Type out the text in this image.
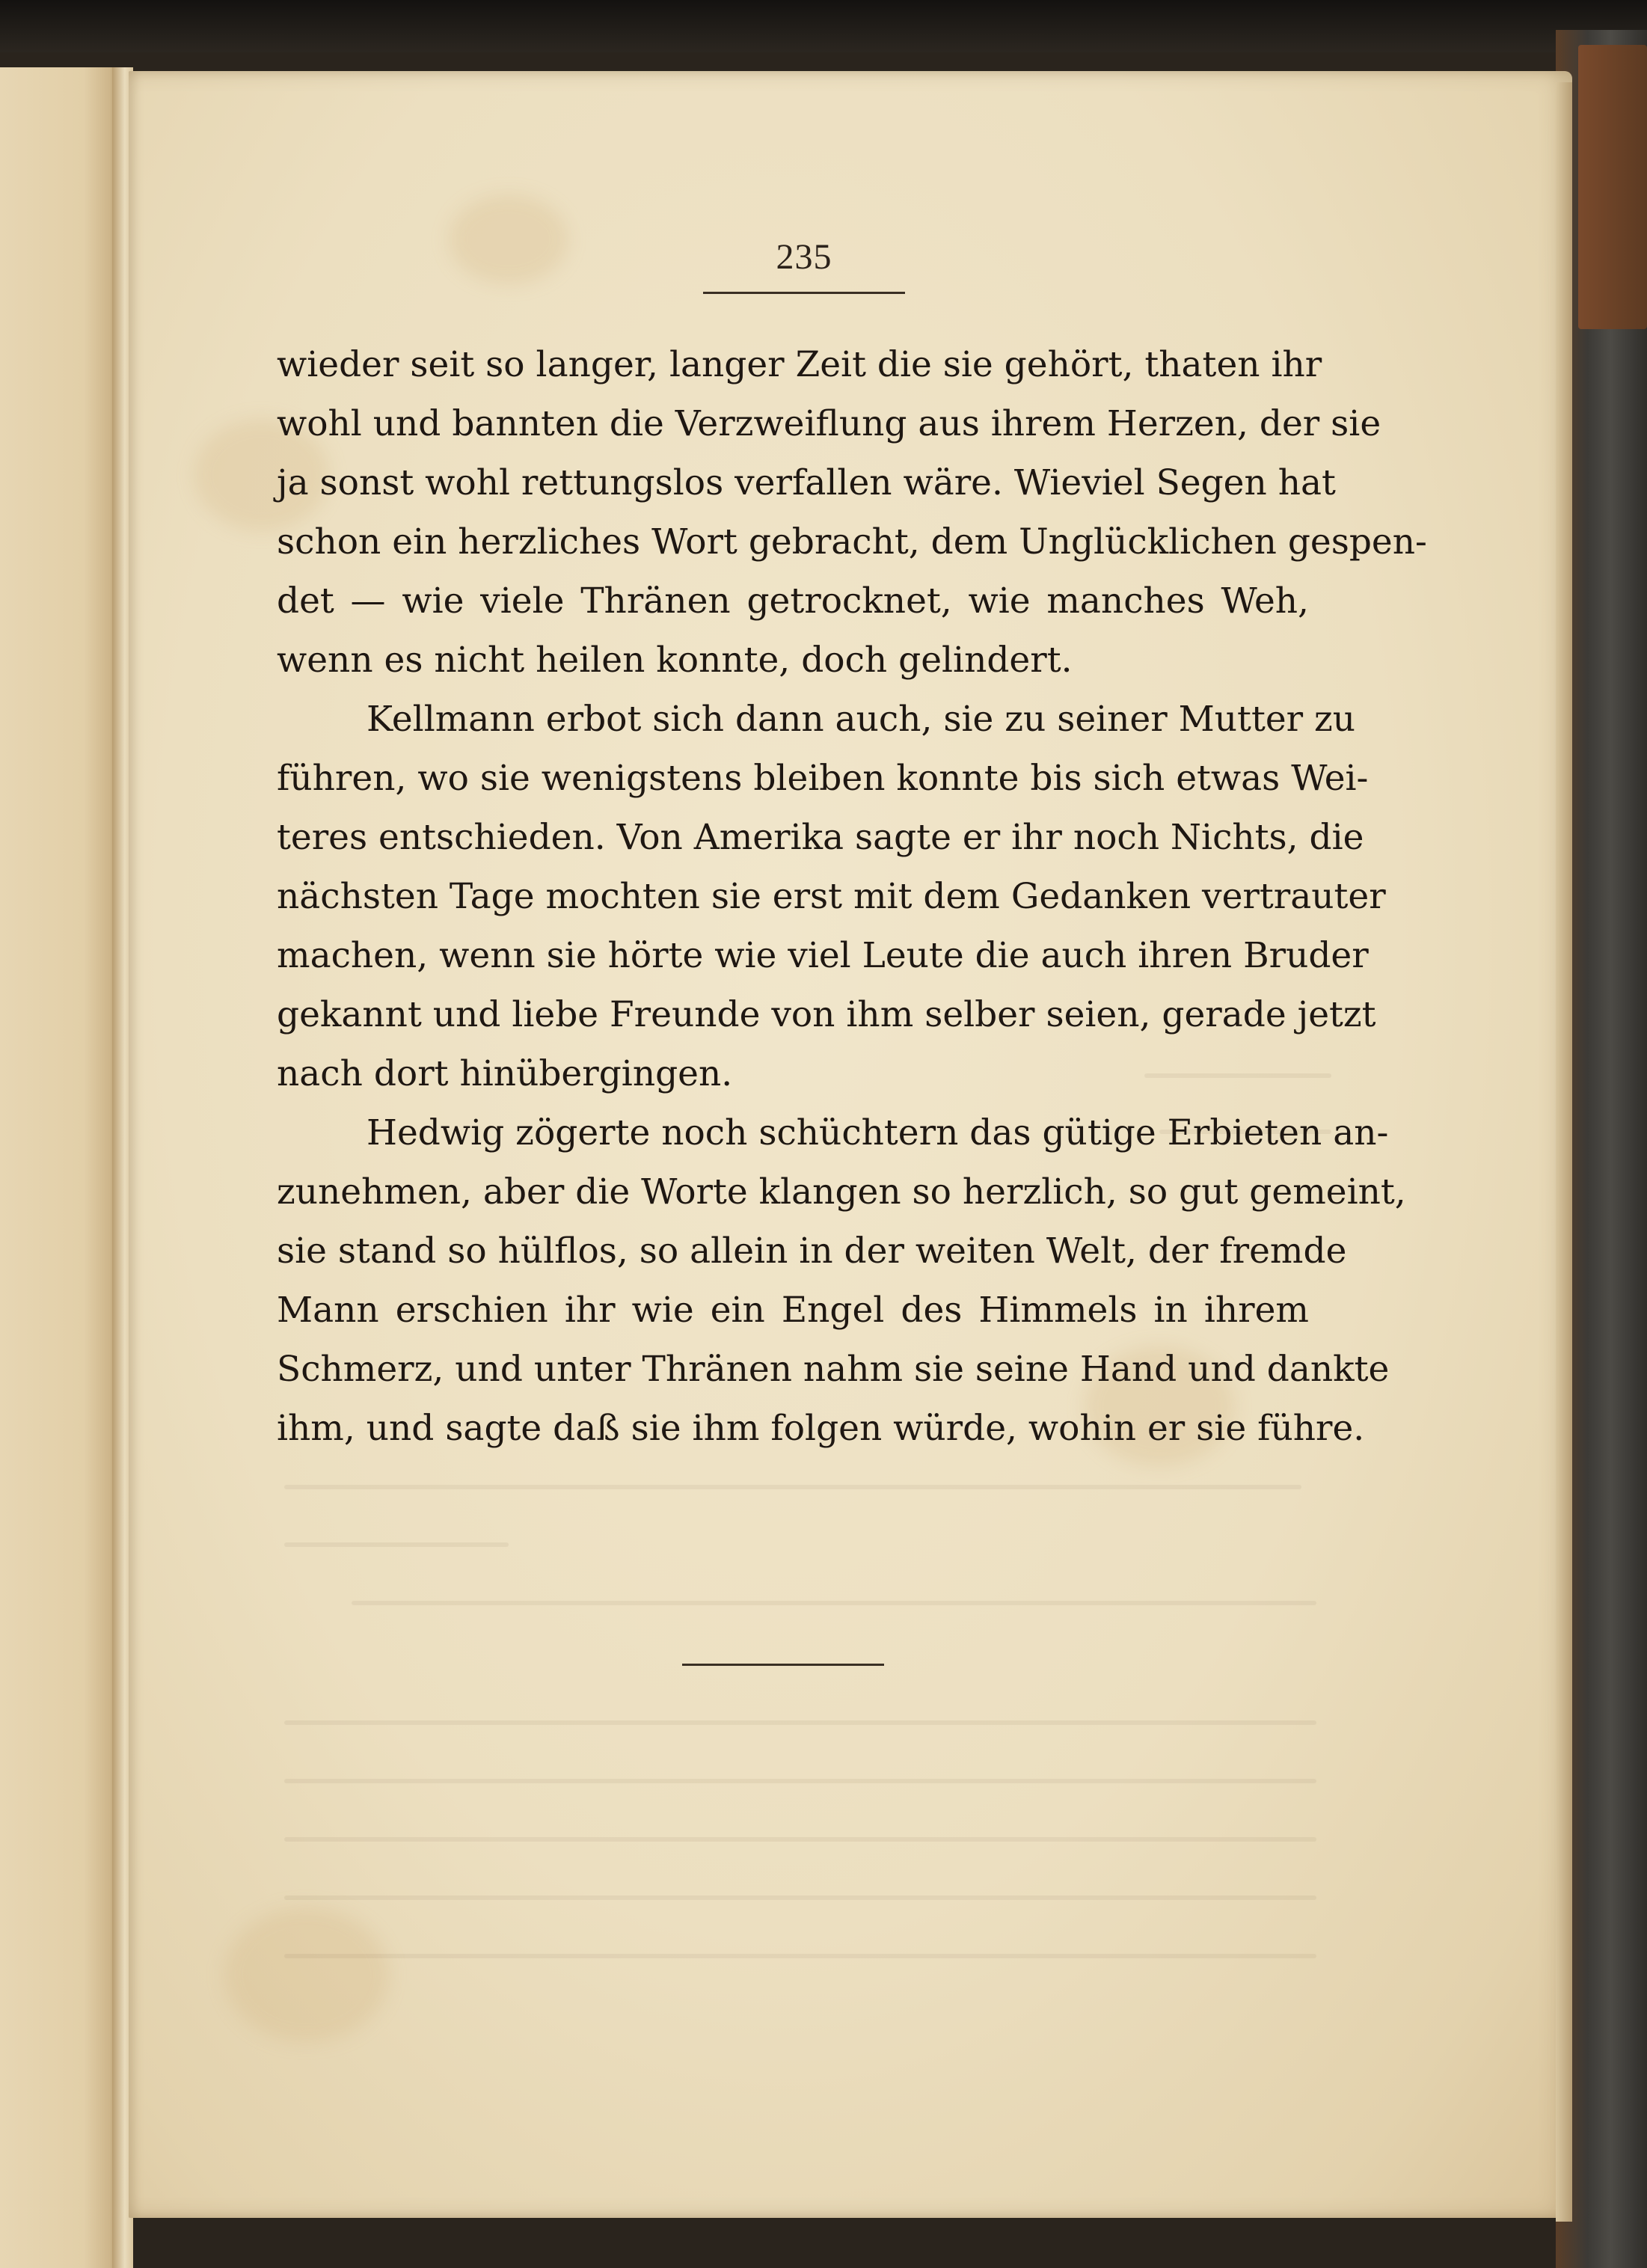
235
wieder seit so langer, langer Zeit die sie gehört, thaten ihr
wohl und bannten die Verzweiflung aus ihrem Herzen, der sie
ja sonst wohl rettungslos verfallen wäre. Wieviel Segen hat
schon ein herzliches Wort gebracht, dem Unglücklichen gespen-
det — wie viele Thränen getrocknet, wie manches Weh,
wenn es nicht heilen konnte, doch gelindert.
Kellmann erbot sich dann auch, sie zu seiner Mutter zu
führen, wo sie wenigstens bleiben konnte bis sich etwas Wei-
teres entschieden. Von Amerika sagte er ihr noch Nichts, die
nächsten Tage mochten sie erst mit dem Gedanken vertrauter
machen, wenn sie hörte wie viel Leute die auch ihren Bruder
gekannt und liebe Freunde von ihm selber seien, gerade jetzt
nach dort hinübergingen.
Hedwig zögerte noch schüchtern das gütige Erbieten an-
zunehmen, aber die Worte klangen so herzlich, so gut gemeint,
sie stand so hülflos, so allein in der weiten Welt, der fremde
Mann erschien ihr wie ein Engel des Himmels in ihrem
Schmerz, und unter Thränen nahm sie seine Hand und dankte
ihm, und sagte daß sie ihm folgen würde, wohin er sie führe.
